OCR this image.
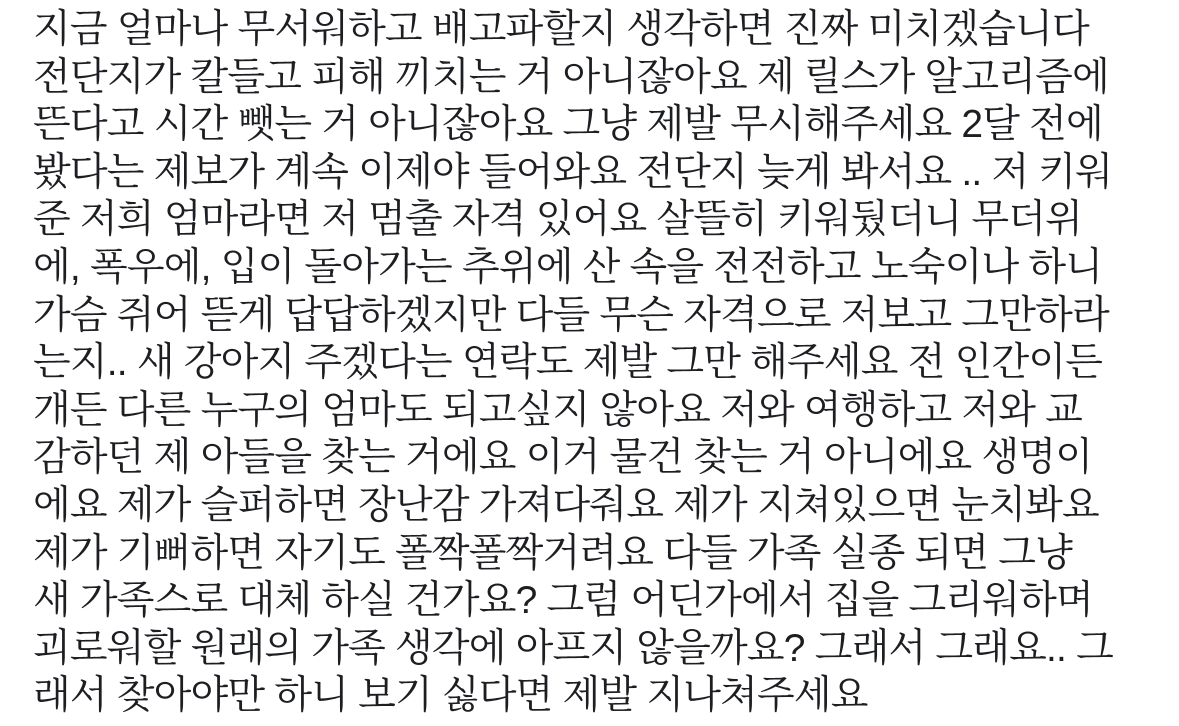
지금 얼마나 무서워하고 배고파할지 생각하면 진짜 미치겠습니다
전단지가 칼들고 피해 끼치는 거 아니잖아요 제 릴스가 알고리즘에
뜬다고 시간 뺏는 거 아니잖아요 그냥 제발 무시해주세요 2달 전에
봤다는 제보가 계속 이제야 들어와요 전단지 늦게 봐서요 .. 저 키워
준 저희 엄마라면 저 멈출 자격 있어요 살뜰히 키워뒀더니 무더위
에, 폭우에, 입이 돌아가는 추위에 산 속을 전전하고 노숙이나 하니
가슴 쥐어 뜯게 답답하겠지만 다들 무슨 자격으로 저보고 그만하라
는지.. 새 강아지 주겠다는 연락도 제발 그만 해주세요 전 인간이든
개든 다른 누구의 엄마도 되고싶지 않아요 저와 여행하고 저와 교
감하던 제 아들을 찾는 거에요 이거 물건 찾는 거 아니에요 생명이
에요 제가 슬퍼하면 장난감 가져다줘요 제가 지쳐있으면 눈치봐요
제가 기뻐하면 자기도 폴짝폴짝거려요 다들 가족 실종 되면 그냥
새 가족스로 대체 하실 건가요? 그럼 어딘가에서 집을 그리워하며
괴로워할 원래의 가족 생각에 아프지 않을까요? 그래서 그래요.. 그
래서 찾아야만 하니 보기 싫다면 제발 지나쳐주세요
